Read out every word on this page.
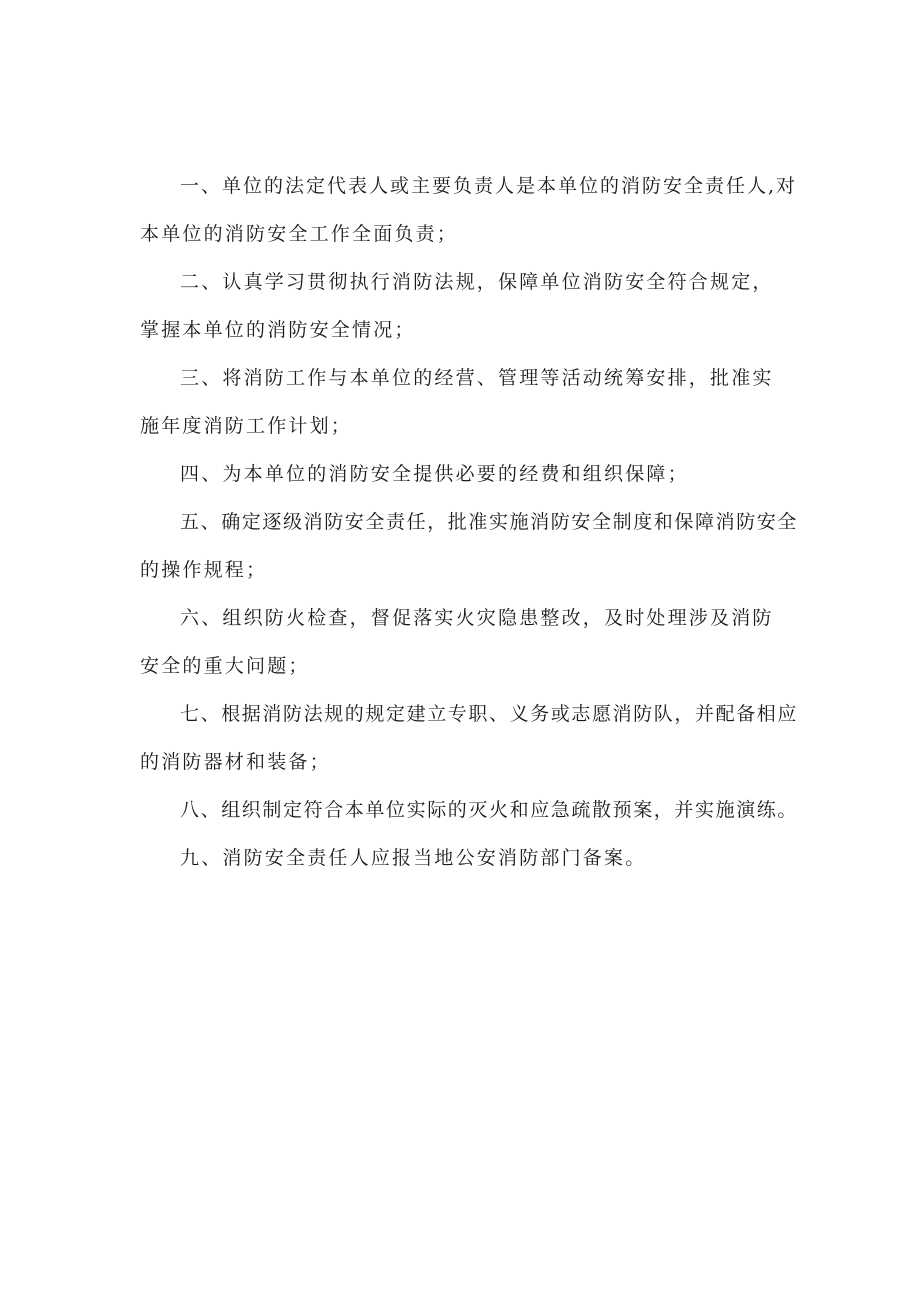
一、单位的法定代表人或主要负责人是本单位的消防安全责任人,对
本单位的消防安全工作全面负责；
二、认真学习贯彻执行消防法规，保障单位消防安全符合规定，
掌握本单位的消防安全情况；
三、将消防工作与本单位的经营、管理等活动统筹安排，批准实
施年度消防工作计划；
四、为本单位的消防安全提供必要的经费和组织保障；
五、确定逐级消防安全责任，批准实施消防安全制度和保障消防安全
的操作规程；
六、组织防火检查，督促落实火灾隐患整改，及时处理涉及消防
安全的重大问题；
七、根据消防法规的规定建立专职、义务或志愿消防队，并配备相应
的消防器材和装备；
八、组织制定符合本单位实际的灭火和应急疏散预案，并实施演练。
九、消防安全责任人应报当地公安消防部门备案。
